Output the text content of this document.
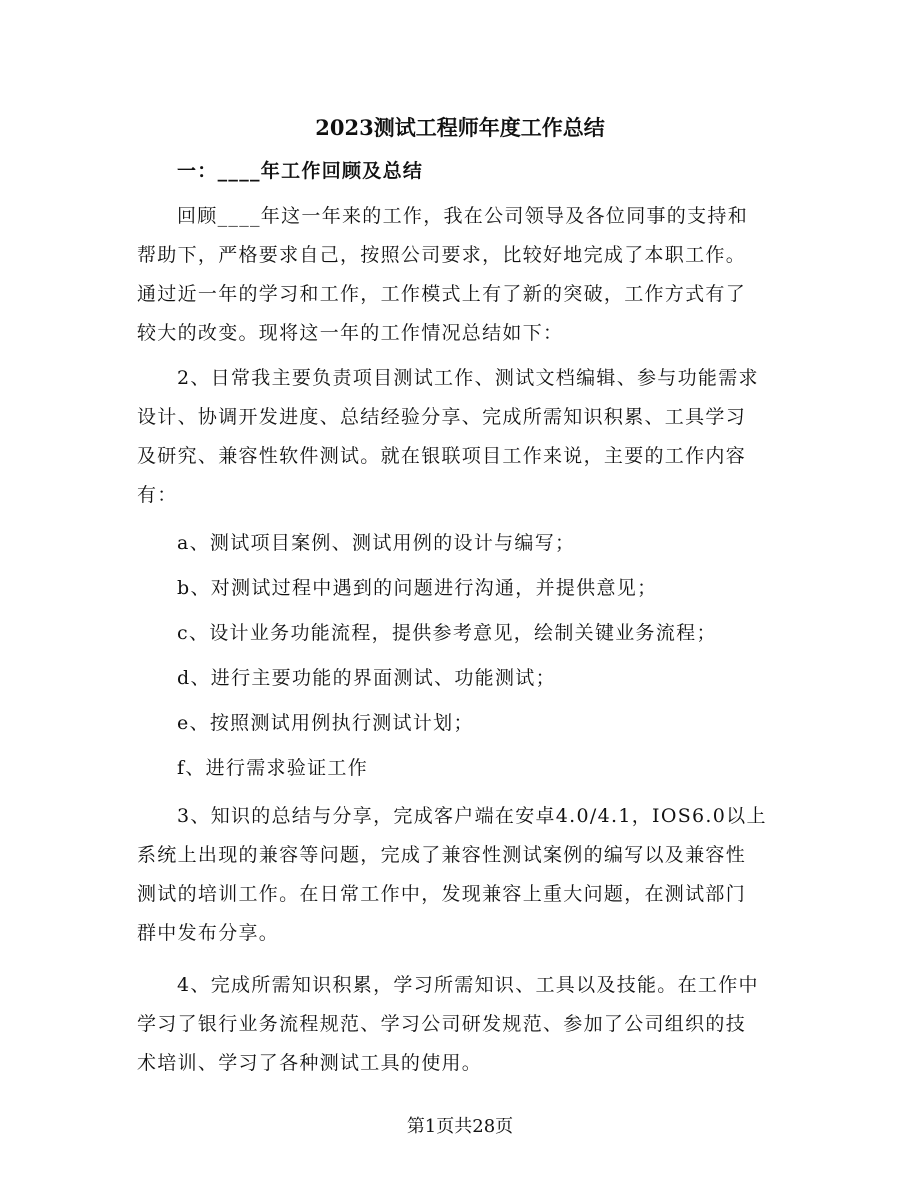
2023测试工程师年度工作总结

一：____年工作回顾及总结

回顾____年这一年来的工作，我在公司领导及各位同事的支持和

帮助下，严格要求自己，按照公司要求，比较好地完成了本职工作。

通过近一年的学习和工作，工作模式上有了新的突破，工作方式有了

较大的改变。现将这一年的工作情况总结如下：

2、日常我主要负责项目测试工作、测试文档编辑、参与功能需求

设计、协调开发进度、总结经验分享、完成所需知识积累、工具学习

及研究、兼容性软件测试。就在银联项目工作来说，主要的工作内容

有：

a、测试项目案例、测试用例的设计与编写；

b、对测试过程中遇到的问题进行沟通，并提供意见；

c、设计业务功能流程，提供参考意见，绘制关键业务流程；

d、进行主要功能的界面测试、功能测试；

e、按照测试用例执行测试计划；

f、进行需求验证工作

3、知识的总结与分享，完成客户端在安卓4.0/4.1，IOS6.0以上

系统上出现的兼容等问题，完成了兼容性测试案例的编写以及兼容性

测试的培训工作。在日常工作中，发现兼容上重大问题，在测试部门

群中发布分享。

4、完成所需知识积累，学习所需知识、工具以及技能。在工作中

学习了银行业务流程规范、学习公司研发规范、参加了公司组织的技

术培训、学习了各种测试工具的使用。

第1页共28页
